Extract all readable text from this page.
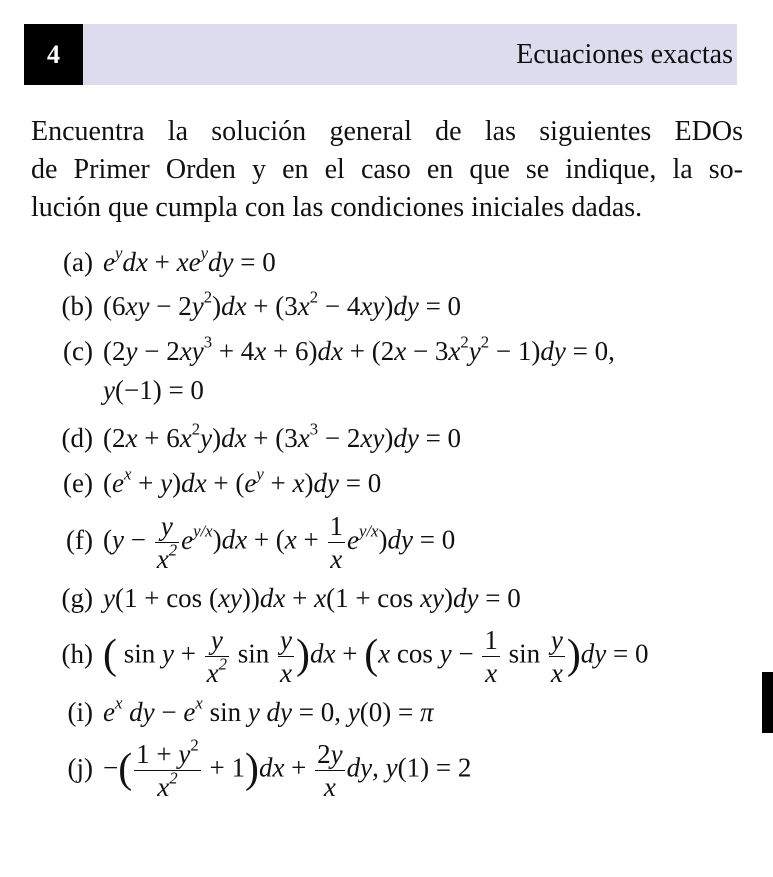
4	Ecuaciones exactas
Encuentra la solución general de las siguientes EDOs
de Primer Orden y en el caso en que se indique, la so-
lución que cumpla con las condiciones iniciales dadas.
(a) $e^ydx + xe^ydy = 0$
(b) $(6xy - 2y^2)dx + (3x^2 - 4xy)dy = 0$
(c) $(2y - 2xy^3 + 4x + 6)dx + (2x - 3x^2y^2 - 1)dy = 0$,
y(−1) = 0
(d) $(2x + 6x^2y)dx + (3x^3 - 2xy)dy = 0$
(e) $(e^x + y)dx + (e^y + x)dy = 0$
(f) $(y - \frac{y}{x^2} e^{y/x})dx + (x + \frac{1}{x} e^{y/x})dy = 0$
(g) y(1 + cos (xy))dx + x(1 + cos xy)dy = 0
(h) ( $\sin y + \frac{y}{x^2}$ $\sin \frac{y}{x} )dx + (x$ $\cos y - \frac{1}{x}$ $\sin \frac{y}{x} )dy = 0$
(i) $e^x$ dy − $e^x$ sin y dy = 0, y(0) = π
(j) −( $\frac{1 + y^2}{x^2} + 1)dx + \frac{2y}{x}$ dy, y(1) = 2
